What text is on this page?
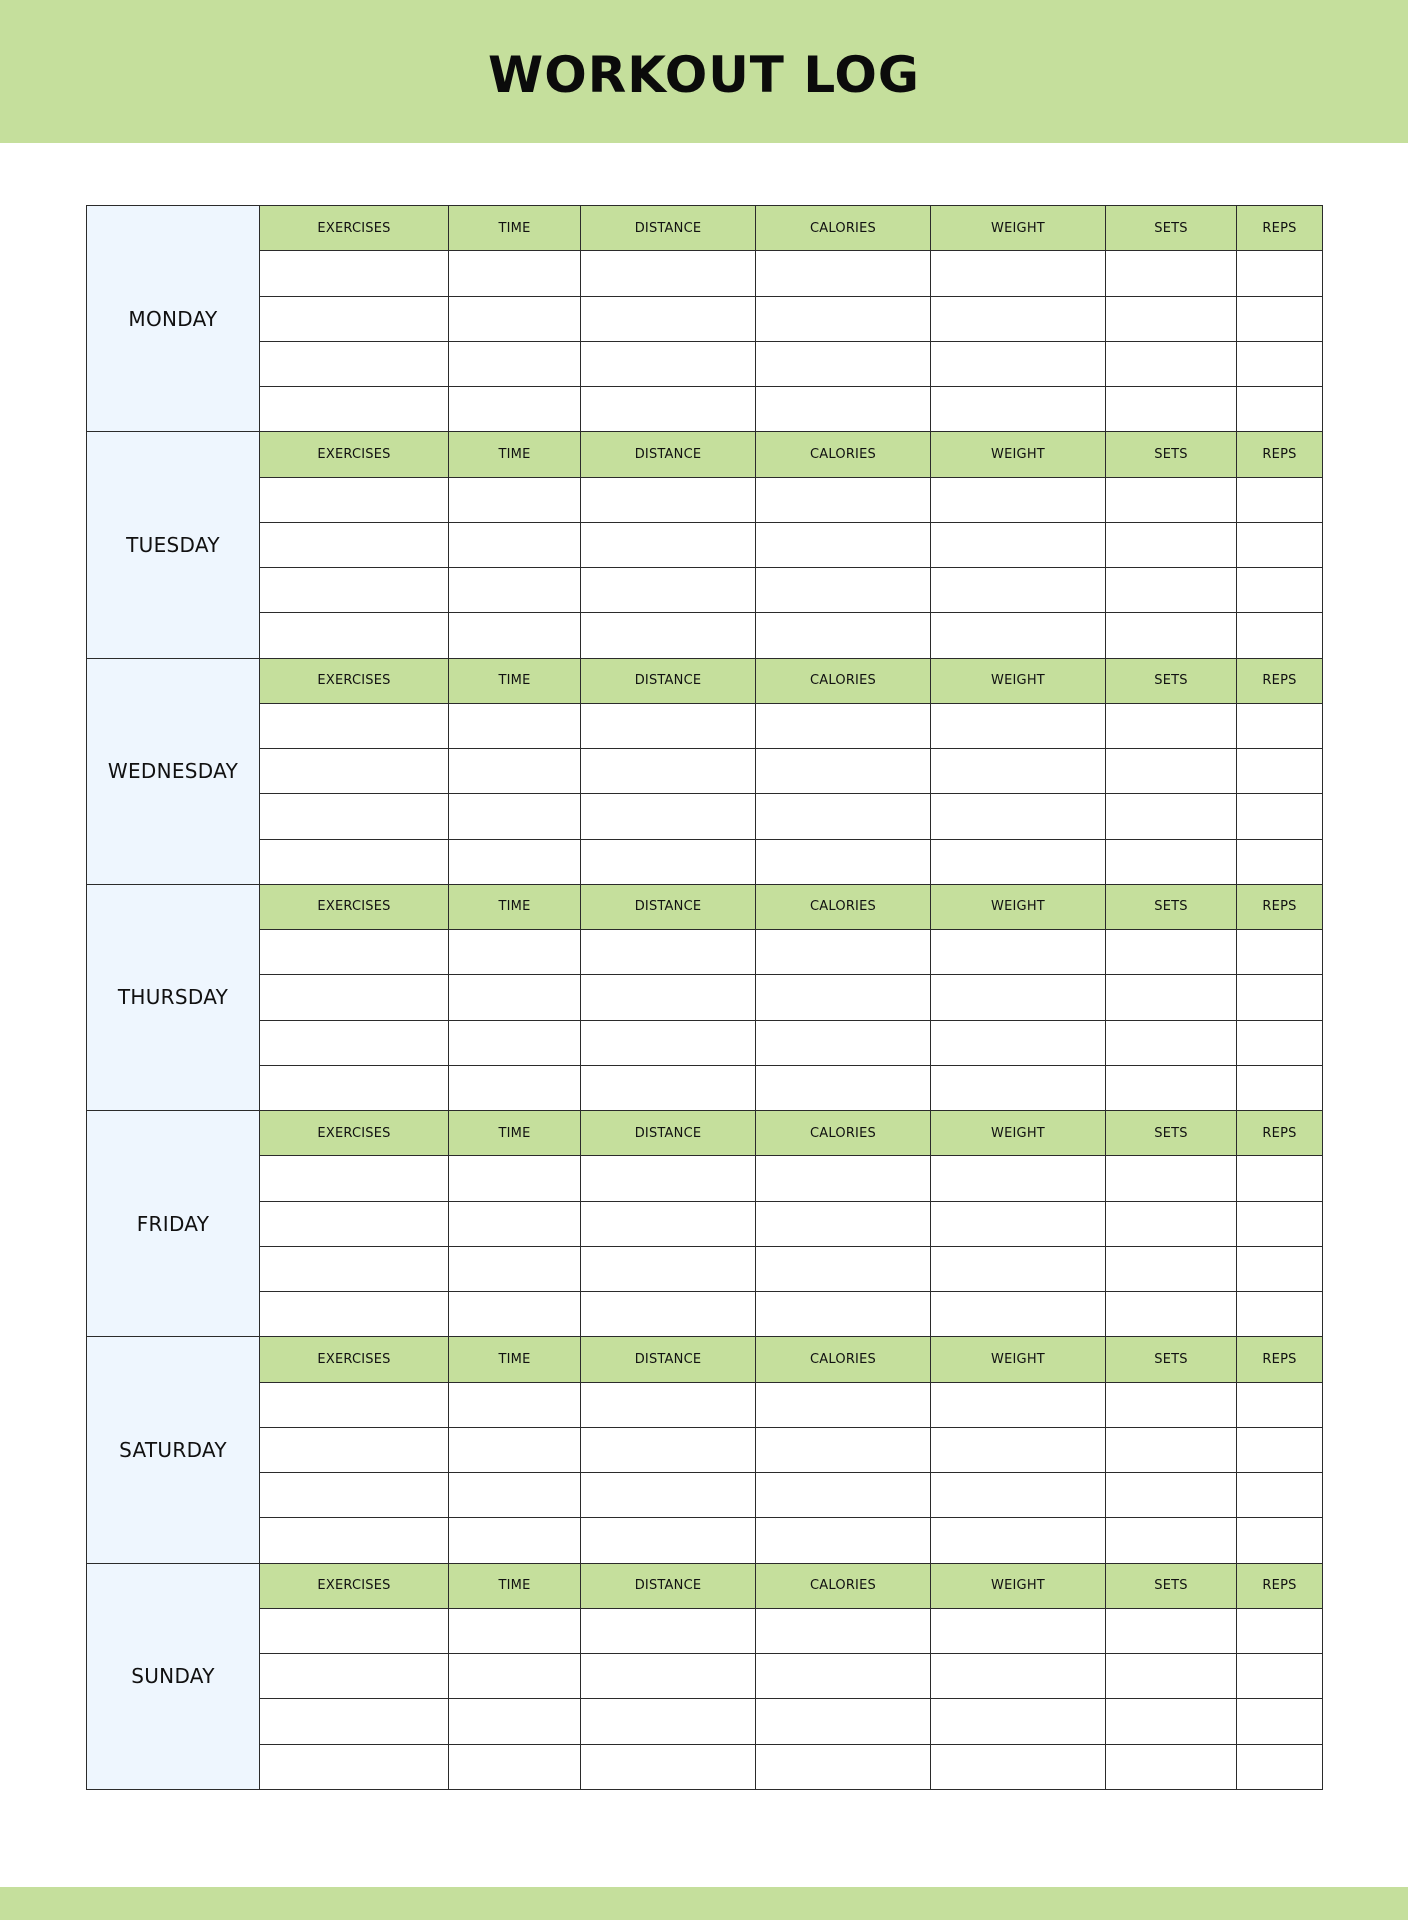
WORKOUT LOG
MONDAY	EXERCISES	TIME	DISTANCE	CALORIES	WEIGHT	SETS	REPS

TUESDAY	EXERCISES	TIME	DISTANCE	CALORIES	WEIGHT	SETS	REPS

WEDNESDAY	EXERCISES	TIME	DISTANCE	CALORIES	WEIGHT	SETS	REPS

THURSDAY	EXERCISES	TIME	DISTANCE	CALORIES	WEIGHT	SETS	REPS

FRIDAY	EXERCISES	TIME	DISTANCE	CALORIES	WEIGHT	SETS	REPS

SATURDAY	EXERCISES	TIME	DISTANCE	CALORIES	WEIGHT	SETS	REPS

SUNDAY	EXERCISES	TIME	DISTANCE	CALORIES	WEIGHT	SETS	REPS
